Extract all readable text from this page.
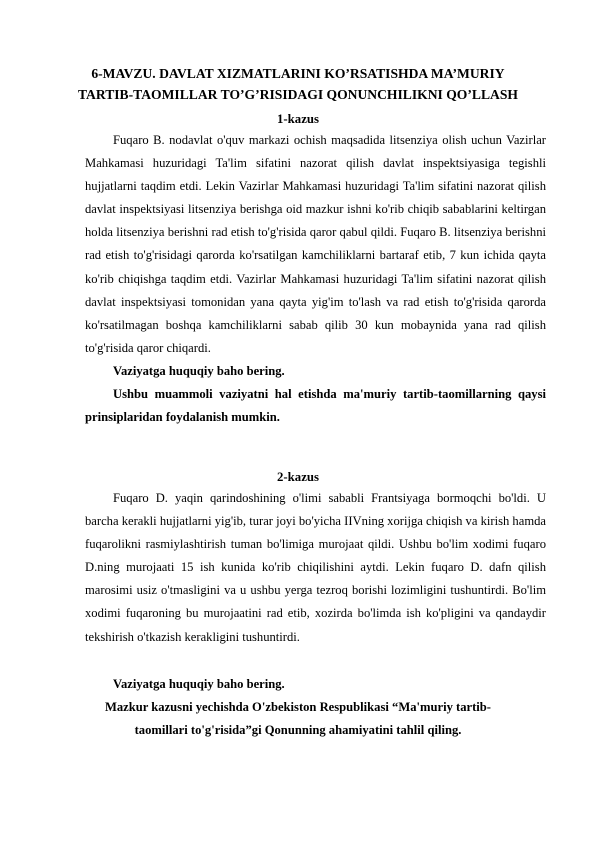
6-MAVZU. DAVLAT XIZMATLARINI KO’RSATISHDA MA’MURIY
TARTIB-TAOMILLAR TO’G’RISIDAGI QONUNCHILIKNI QO’LLASH
1-kazus
Fuqaro B. nodavlat o'quv markazi ochish maqsadida litsenziya olish uchun Vazirlar Mahkamasi huzuridagi Ta'lim sifatini nazorat qilish davlat inspektsiyasiga tegishli hujjatlarni taqdim etdi. Lekin Vazirlar Mahkamasi huzuridagi Ta'lim sifatini nazorat qilish davlat inspektsiyasi litsenziya berishga oid mazkur ishni ko'rib chiqib sabablarini keltirgan holda litsenziya berishni rad etish to'g'risida qaror qabul qildi. Fuqaro B. litsenziya berishni rad etish to'g'risidagi qarorda ko'rsatilgan kamchiliklarni bartaraf etib, 7 kun ichida qayta ko'rib chiqishga taqdim etdi. Vazirlar Mahkamasi huzuridagi Ta'lim sifatini nazorat qilish davlat inspektsiyasi tomonidan yana qayta yig'im to'lash va rad etish to'g'risida qarorda ko'rsatilmagan boshqa kamchiliklarni sabab qilib 30 kun mobaynida yana rad qilish to'g'risida qaror chiqardi.
Vaziyatga huquqiy baho bering.
Ushbu muammoli vaziyatni hal etishda ma'muriy tartib-taomillarning qaysi prinsiplaridan foydalanish mumkin.
2-kazus
Fuqaro D. yaqin qarindoshining o'limi sababli Frantsiyaga bormoqchi bo'ldi. U barcha kerakli hujjatlarni yig'ib, turar joyi bo'yicha IIVning xorijga chiqish va kirish hamda fuqarolikni rasmiylashtirish tuman bo'limiga murojaat qildi. Ushbu bo'lim xodimi fuqaro D.ning murojaati 15 ish kunida ko'rib chiqilishini aytdi. Lekin fuqaro D. dafn qilish marosimi usiz o'tmasligini va u ushbu yerga tezroq borishi lozimligini tushuntirdi. Bo'lim xodimi fuqaroning bu murojaatini rad etib, xozirda bo'limda ish ko'pligini va qandaydir tekshirish o'tkazish kerakligini tushuntirdi.
Vaziyatga huquqiy baho bering.
Mazkur kazusni yechishda O'zbekiston Respublikasi “Ma'muriy tartib-taomillari to'g'risida”gi Qonunning ahamiyatini tahlil qiling.
